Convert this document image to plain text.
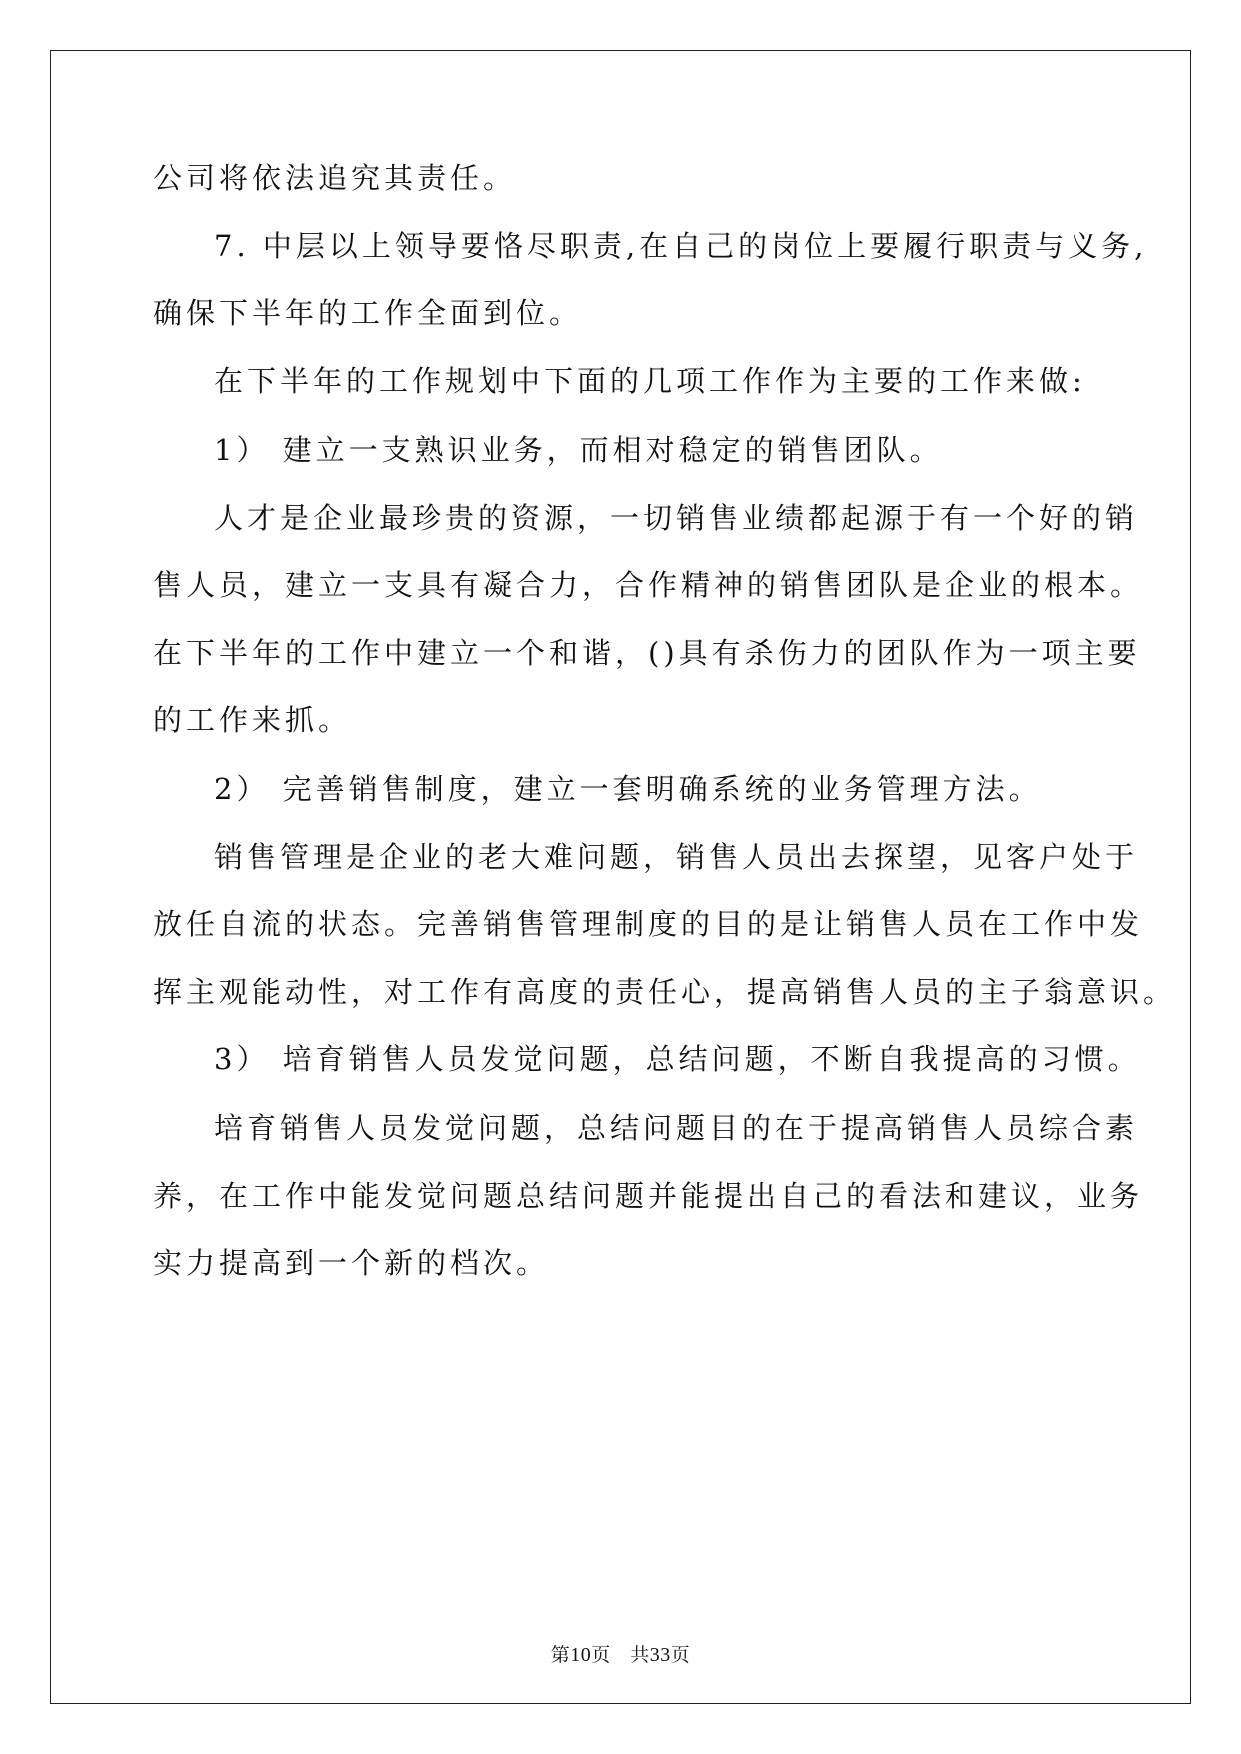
公司将依法追究其责任。
7. 中层以上领导要恪尽职责,在自己的岗位上要履行职责与义务,
确保下半年的工作全面到位。
在下半年的工作规划中下面的几项工作作为主要的工作来做:
1） 建立一支熟识业务，而相对稳定的销售团队。
人才是企业最珍贵的资源，一切销售业绩都起源于有一个好的销
售人员，建立一支具有凝合力，合作精神的销售团队是企业的根本。
在下半年的工作中建立一个和谐，()具有杀伤力的团队作为一项主要
的工作来抓。
2） 完善销售制度，建立一套明确系统的业务管理方法。
销售管理是企业的老大难问题，销售人员出去探望，见客户处于
放任自流的状态。完善销售管理制度的目的是让销售人员在工作中发
挥主观能动性，对工作有高度的责任心，提高销售人员的主子翁意识。
3） 培育销售人员发觉问题，总结问题，不断自我提高的习惯。
培育销售人员发觉问题，总结问题目的在于提高销售人员综合素
养，在工作中能发觉问题总结问题并能提出自己的看法和建议，业务
实力提高到一个新的档次。
第10页　共33页
